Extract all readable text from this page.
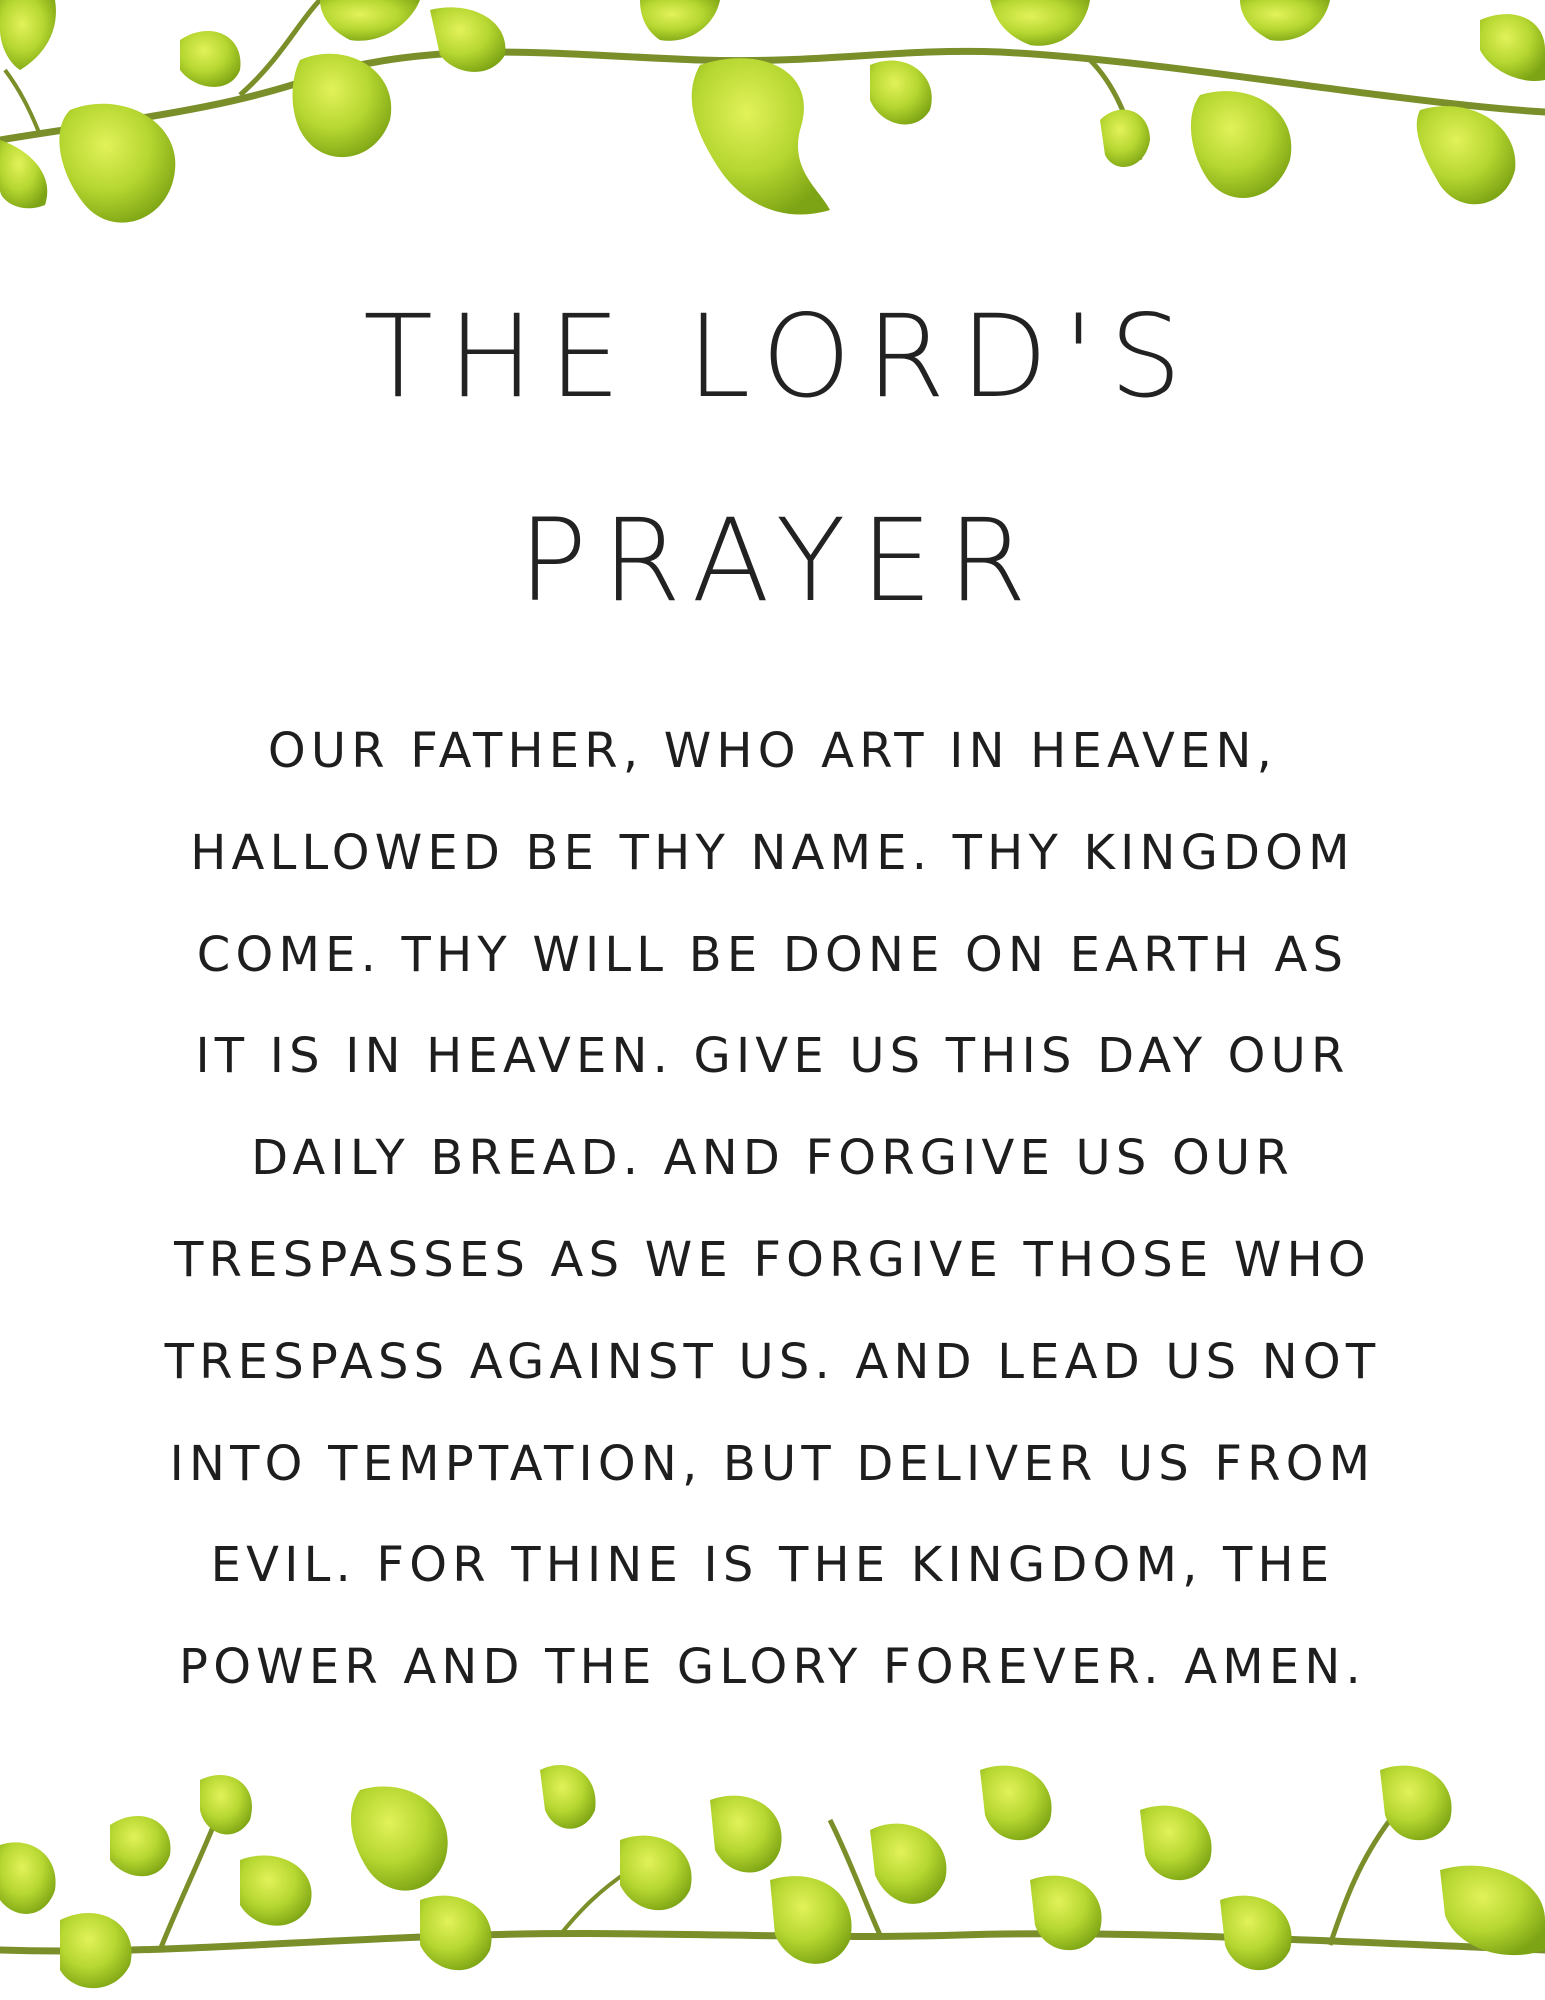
THE LORD'S
PRAYER
OUR FATHER, WHO ART IN HEAVEN,
HALLOWED BE THY NAME. THY KINGDOM
COME. THY WILL BE DONE ON EARTH AS
IT IS IN HEAVEN. GIVE US THIS DAY OUR
DAILY BREAD. AND FORGIVE US OUR
TRESPASSES AS WE FORGIVE THOSE WHO
TRESPASS AGAINST US. AND LEAD US NOT
INTO TEMPTATION, BUT DELIVER US FROM
EVIL. FOR THINE IS THE KINGDOM, THE
POWER AND THE GLORY FOREVER. AMEN.
